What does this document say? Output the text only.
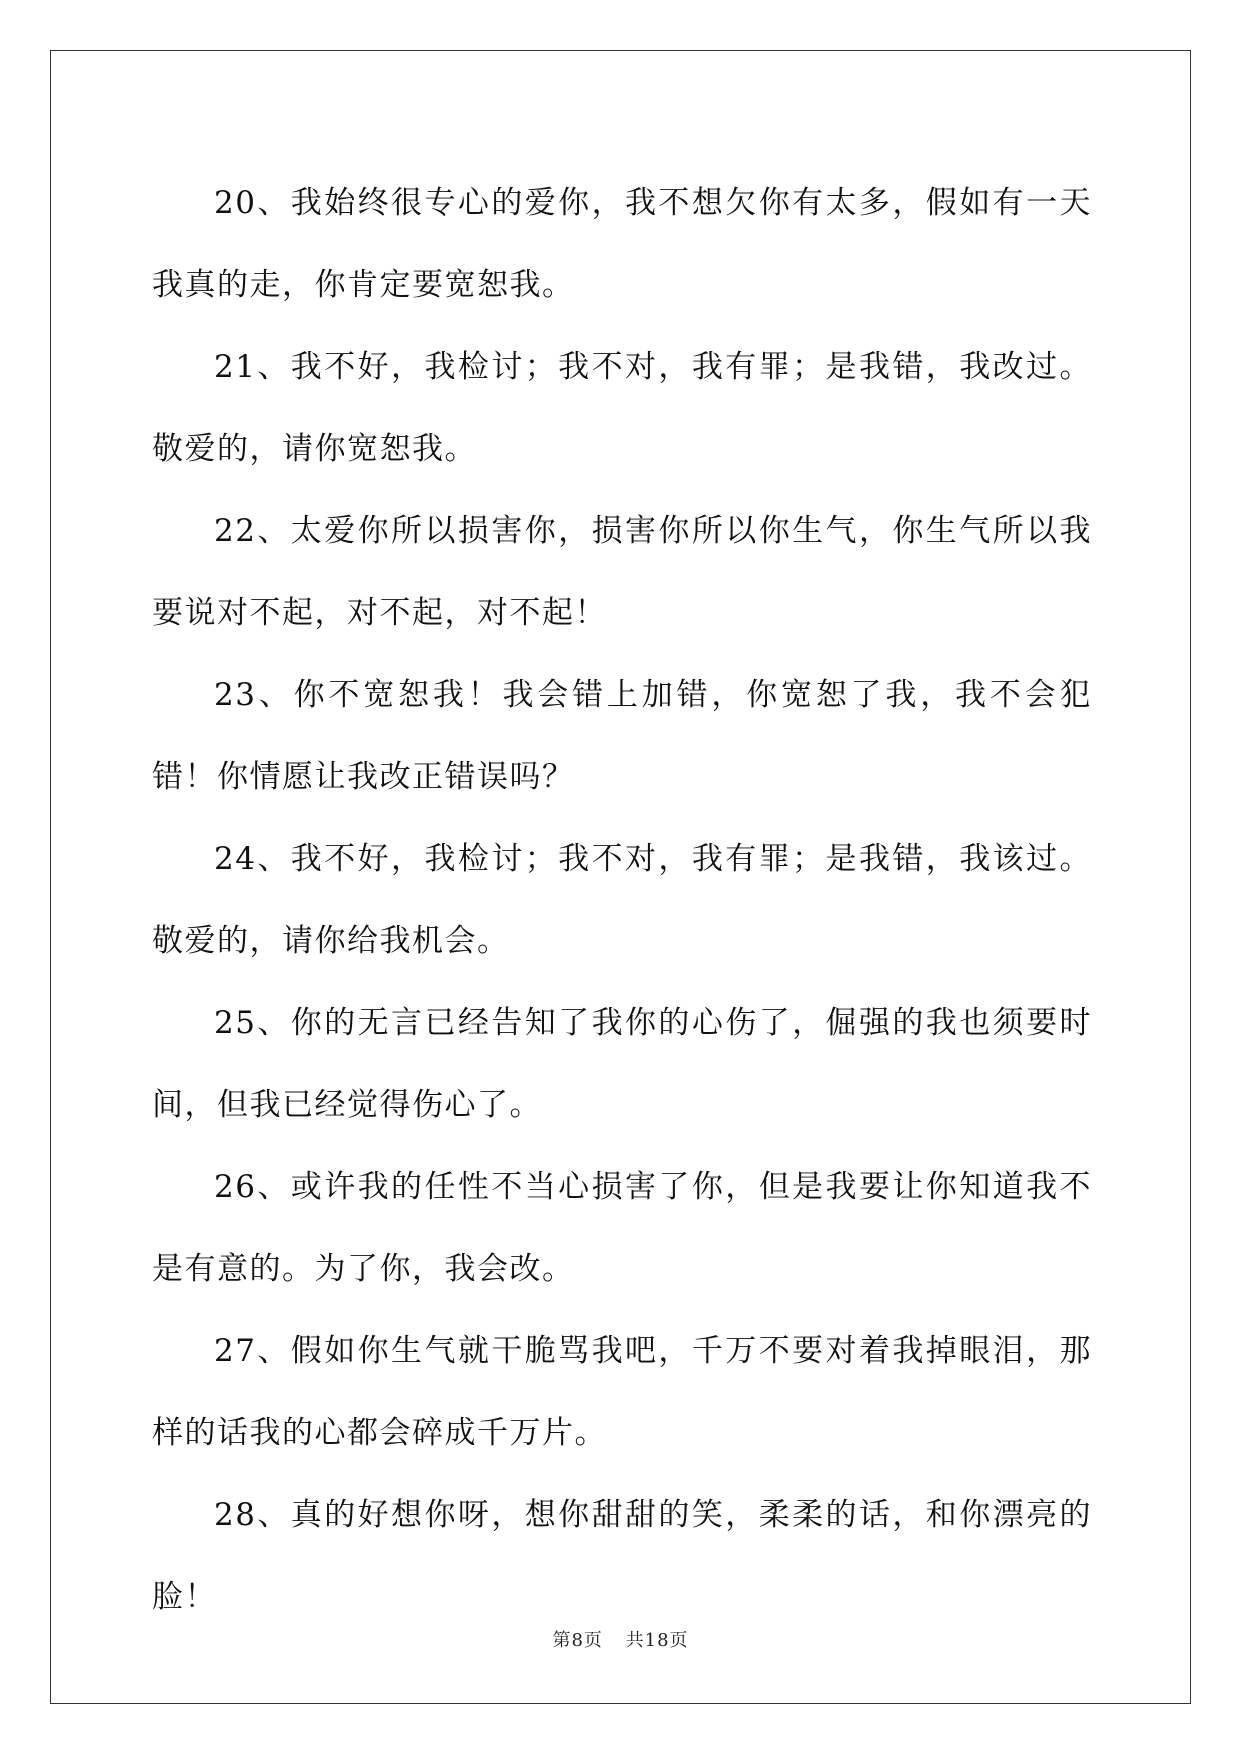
20、我始终很专心的爱你，我不想欠你有太多，假如有一天我真的走，你肯定要宽恕我。

21、我不好，我检讨；我不对，我有罪；是我错，我改过。敬爱的，请你宽恕我。

22、太爱你所以损害你，损害你所以你生气，你生气所以我要说对不起，对不起，对不起！

23、你不宽恕我！我会错上加错，你宽恕了我，我不会犯错！你情愿让我改正错误吗？

24、我不好，我检讨；我不对，我有罪；是我错，我该过。敬爱的，请你给我机会。

25、你的无言已经告知了我你的心伤了，倔强的我也须要时间，但我已经觉得伤心了。

26、或许我的任性不当心损害了你，但是我要让你知道我不是有意的。为了你，我会改。

27、假如你生气就干脆骂我吧，千万不要对着我掉眼泪，那样的话我的心都会碎成千万片。

28、真的好想你呀，想你甜甜的笑，柔柔的话，和你漂亮的脸！

第8页 共18页
